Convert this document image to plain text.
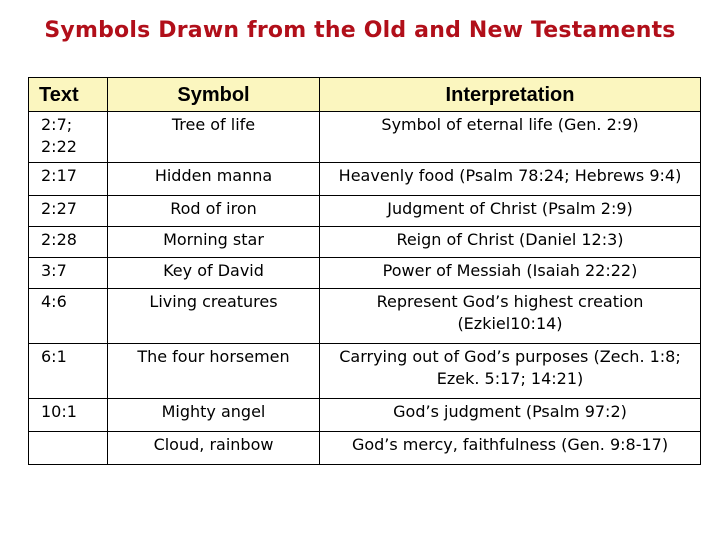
Symbols Drawn from the Old and New Testaments
Text	Symbol	Interpretation
2:7; 2:22	Tree of life	Symbol of eternal life (Gen. 2:9)
2:17	Hidden manna	Heavenly food (Psalm 78:24; Hebrews 9:4)
2:27	Rod of iron	Judgment of Christ (Psalm 2:9)
2:28	Morning star	Reign of Christ (Daniel 12:3)
3:7	Key of David	Power of Messiah (Isaiah 22:22)
4:6	Living creatures	Represent God’s highest creation (Ezkiel10:14)
6:1	The four horsemen	Carrying out of God’s purposes (Zech. 1:8; Ezek. 5:17; 14:21)
10:1	Mighty angel	God’s judgment (Psalm 97:2)
	Cloud, rainbow	God’s mercy, faithfulness (Gen. 9:8-17)
